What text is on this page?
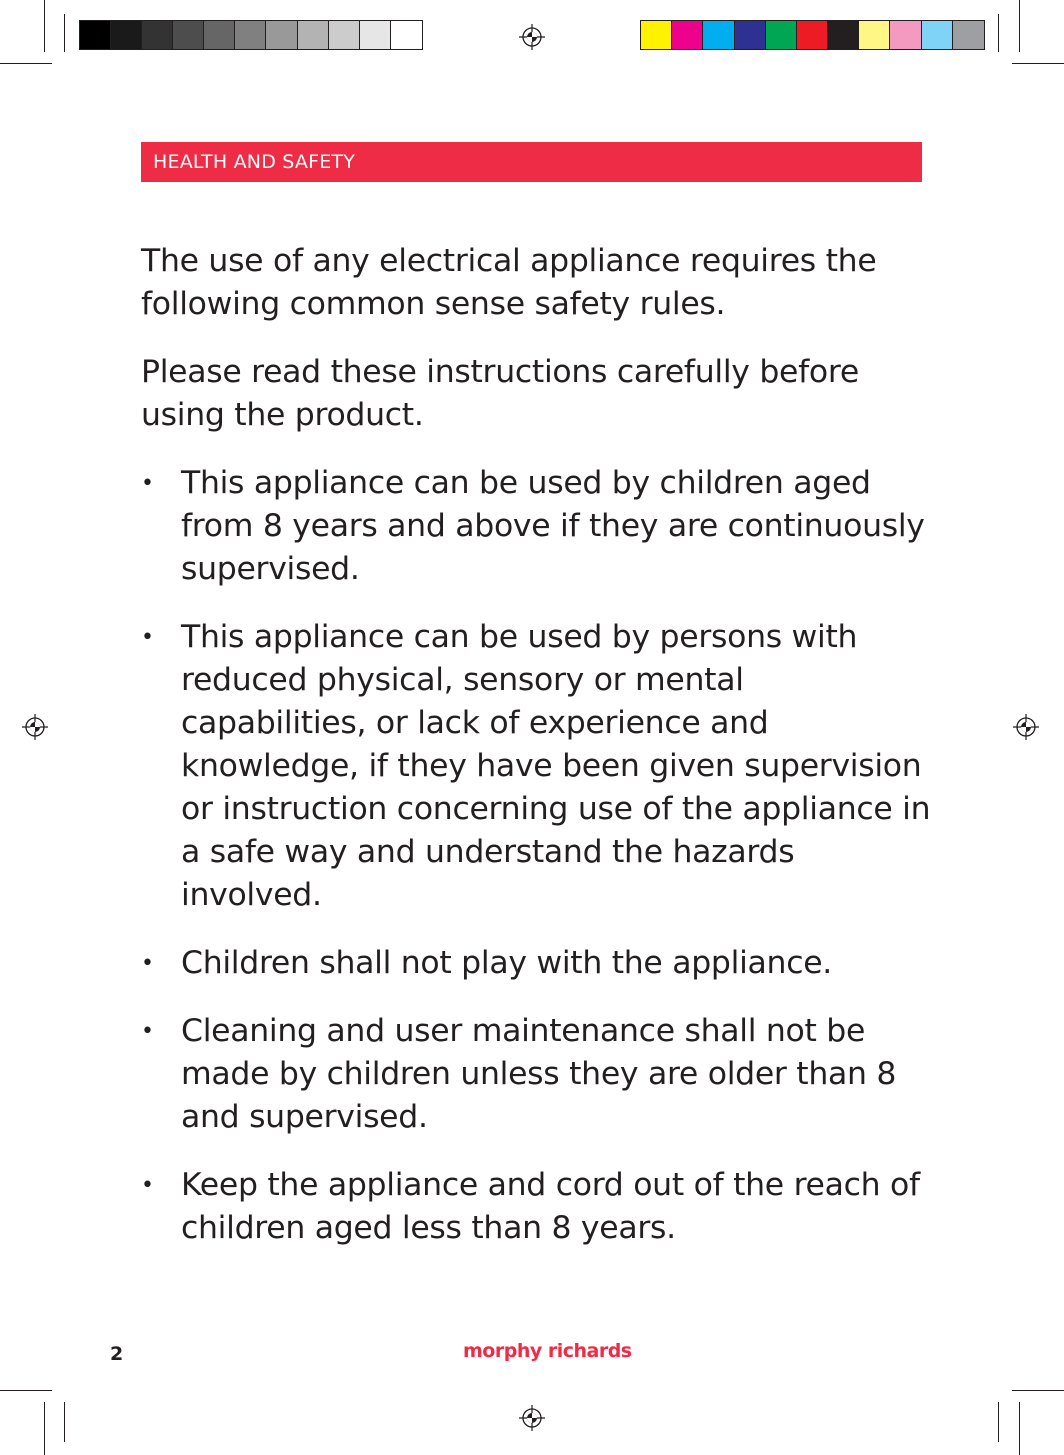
HEALTH AND SAFETY

The use of any electrical appliance requires the following common sense safety rules.

Please read these instructions carefully before using the product.

• This appliance can be used by children aged from 8 years and above if they are continuously supervised.
• This appliance can be used by persons with reduced physical, sensory or mental capabilities, or lack of experience and knowledge, if they have been given supervision or instruction concerning use of the appliance in a safe way and understand the hazards involved.
• Children shall not play with the appliance.
• Cleaning and user maintenance shall not be made by children unless they are older than 8 and supervised.
• Keep the appliance and cord out of the reach of children aged less than 8 years.
2	morphy richards
